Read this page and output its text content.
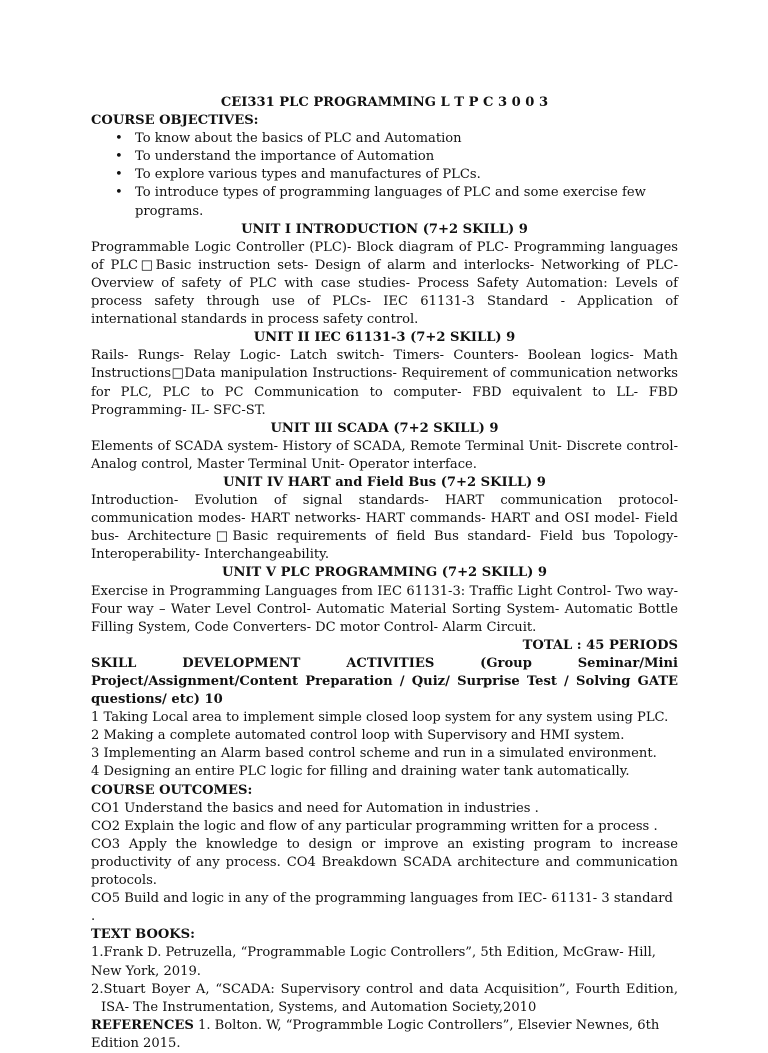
CEI331 PLC PROGRAMMING L T P C 3 0 0 3

COURSE OBJECTIVES:

• To know about the basics of PLC and Automation
• To understand the importance of Automation
• To explore various types and manufactures of PLCs.
• To introduce types of programming languages of PLC and some exercise few programs.

UNIT I INTRODUCTION (7+2 SKILL) 9

Programmable Logic Controller (PLC)- Block diagram of PLC- Programming languages of PLC□Basic instruction sets- Design of alarm and interlocks- Networking of PLC- Overview of safety of PLC with case studies- Process Safety Automation: Levels of process safety through use of PLCs- IEC 61131-3 Standard - Application of international standards in process safety control.

UNIT II IEC 61131-3 (7+2 SKILL) 9

Rails- Rungs- Relay Logic- Latch switch- Timers- Counters- Boolean logics- Math Instructions□Data manipulation Instructions- Requirement of communication networks for PLC, PLC to PC Communication to computer- FBD equivalent to LL- FBD Programming- IL- SFC-ST.

UNIT III SCADA (7+2 SKILL) 9

Elements of SCADA system- History of SCADA, Remote Terminal Unit- Discrete control- Analog control, Master Terminal Unit- Operator interface.

UNIT IV HART and Field Bus (7+2 SKILL) 9

Introduction- Evolution of signal standards- HART communication protocol- communication modes- HART networks- HART commands- HART and OSI model- Field bus- Architecture□Basic requirements of field Bus standard- Field bus Topology- Interoperability- Interchangeability.

UNIT V PLC PROGRAMMING (7+2 SKILL) 9

Exercise in Programming Languages from IEC 61131-3: Traffic Light Control- Two way- Four way – Water Level Control- Automatic Material Sorting System- Automatic Bottle Filling System, Code Converters- DC motor Control- Alarm Circuit.

TOTAL : 45 PERIODS

SKILL DEVELOPMENT ACTIVITIES (Group Seminar/Mini Project/Assignment/Content Preparation / Quiz/ Surprise Test / Solving GATE questions/ etc) 10

1 Taking Local area to implement simple closed loop system for any system using PLC.

2 Making a complete automated control loop with Supervisory and HMI system.

3 Implementing an Alarm based control scheme and run in a simulated environment.

4 Designing an entire PLC logic for filling and draining water tank automatically.

COURSE OUTCOMES:

CO1 Understand the basics and need for Automation in industries .

CO2 Explain the logic and flow of any particular programming written for a process .

CO3 Apply the knowledge to design or improve an existing program to increase productivity of any process. CO4 Breakdown SCADA architecture and communication protocols.

CO5 Build and logic in any of the programming languages from IEC- 61131- 3 standard .

TEXT BOOKS:

1.Frank D. Petruzella, “Programmable Logic Controllers”, 5th Edition, McGraw- Hill, New York, 2019.

2.Stuart Boyer A, “SCADA: Supervisory control and data Acquisition”, Fourth Edition, ISA- The Instrumentation, Systems, and Automation Society,2010

REFERENCES 1. Bolton. W, “Programmble Logic Controllers”, Elsevier Newnes, 6th Edition 2015.
